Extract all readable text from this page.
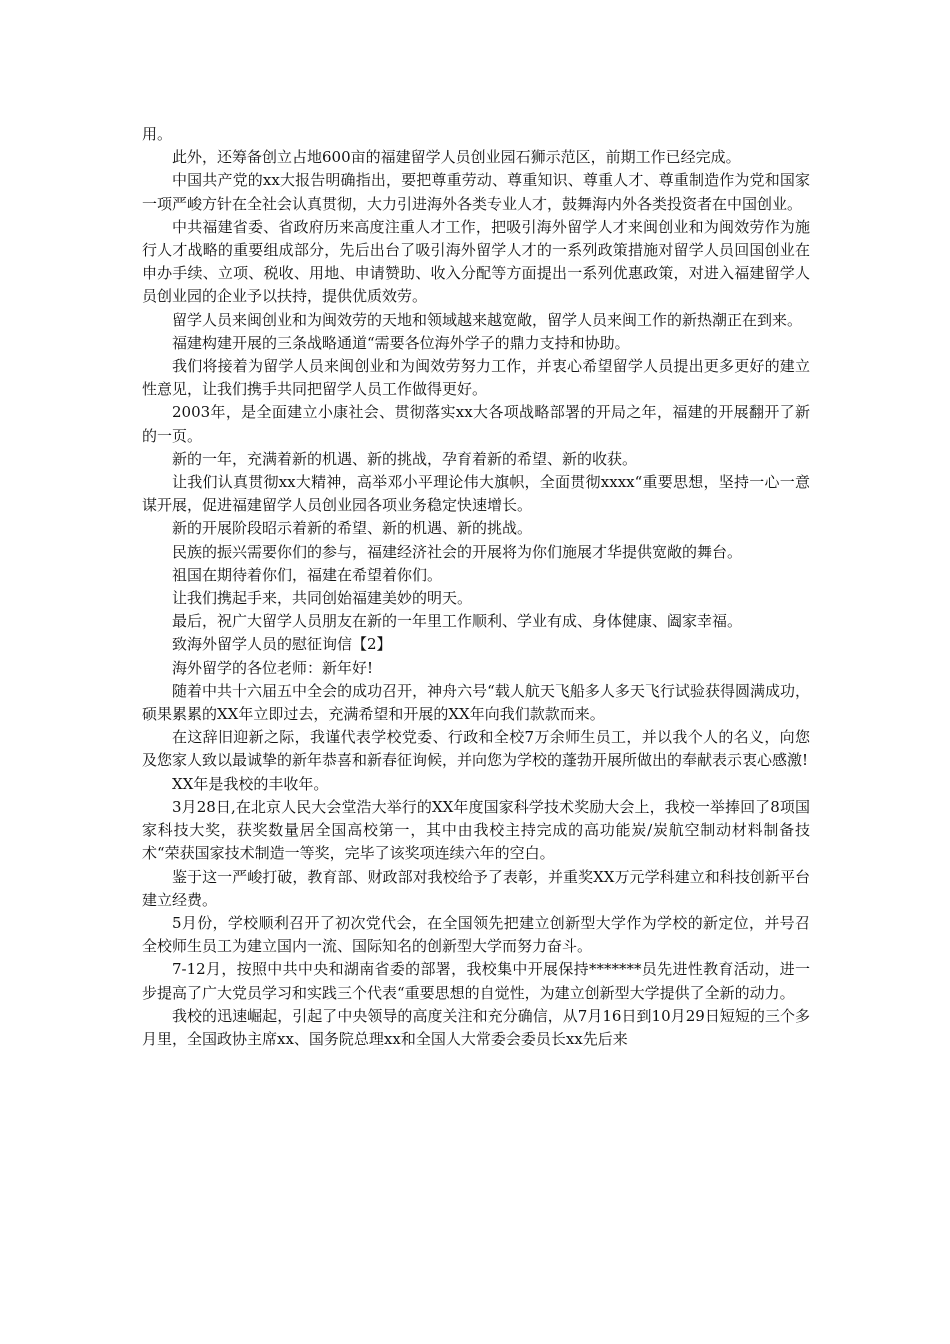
用。

此外，还筹备创立占地600亩的福建留学人员创业园石狮示范区，前期工作已经完成。

中国共产党的xx大报告明确指出，要把尊重劳动、尊重知识、尊重人才、尊重制造作为党和国家一项严峻方针在全社会认真贯彻，大力引进海外各类专业人才，鼓舞海内外各类投资者在中国创业。

中共福建省委、省政府历来高度注重人才工作，把吸引海外留学人才来闽创业和为闽效劳作为施行人才战略的重要组成部分，先后出台了吸引海外留学人才的一系列政策措施对留学人员回国创业在申办手续、立项、税收、用地、申请赞助、收入分配等方面提出一系列优惠政策，对进入福建留学人员创业园的企业予以扶持，提供优质效劳。

留学人员来闽创业和为闽效劳的天地和领域越来越宽敞，留学人员来闽工作的新热潮正在到来。

福建构建开展的三条战略通道“需要各位海外学子的鼎力支持和协助。

我们将接着为留学人员来闽创业和为闽效劳努力工作，并衷心希望留学人员提出更多更好的建立性意见，让我们携手共同把留学人员工作做得更好。

2003年，是全面建立小康社会、贯彻落实xx大各项战略部署的开局之年，福建的开展翻开了新的一页。

新的一年，充满着新的机遇、新的挑战，孕育着新的希望、新的收获。

让我们认真贯彻xx大精神，高举邓小平理论伟大旗帜，全面贯彻xxxx“重要思想，坚持一心一意谋开展，促进福建留学人员创业园各项业务稳定快速增长。

新的开展阶段昭示着新的希望、新的机遇、新的挑战。

民族的振兴需要你们的参与，福建经济社会的开展将为你们施展才华提供宽敞的舞台。

祖国在期待着你们，福建在希望着你们。

让我们携起手来，共同创始福建美妙的明天。

最后，祝广大留学人员朋友在新的一年里工作顺利、学业有成、身体健康、阖家幸福。

致海外留学人员的慰征询信【2】

海外留学的各位老师：新年好!

随着中共十六届五中全会的成功召开，神舟六号“载人航天飞船多人多天飞行试验获得圆满成功，硕果累累的XX年立即过去，充满希望和开展的XX年向我们款款而来。

在这辞旧迎新之际，我谨代表学校党委、行政和全校7万余师生员工，并以我个人的名义，向您及您家人致以最诚挚的新年恭喜和新春征询候，并向您为学校的蓬勃开展所做出的奉献表示衷心感激!

XX年是我校的丰收年。

3月28日,在北京人民大会堂浩大举行的XX年度国家科学技术奖励大会上，我校一举捧回了8项国家科技大奖，获奖数量居全国高校第一，其中由我校主持完成的高功能炭/炭航空制动材料制备技术“荣获国家技术制造一等奖，完毕了该奖项连续六年的空白。

鉴于这一严峻打破，教育部、财政部对我校给予了表彰，并重奖XX万元学科建立和科技创新平台建立经费。

5月份，学校顺利召开了初次党代会，在全国领先把建立创新型大学作为学校的新定位，并号召全校师生员工为建立国内一流、国际知名的创新型大学而努力奋斗。

7-12月，按照中共中央和湖南省委的部署，我校集中开展保持*******员先进性教育活动，进一步提高了广大党员学习和实践三个代表“重要思想的自觉性，为建立创新型大学提供了全新的动力。

我校的迅速崛起，引起了中央领导的高度关注和充分确信，从7月16日到10月29日短短的三个多月里，全国政协主席xx、国务院总理xx和全国人大常委会委员长xx先后来
